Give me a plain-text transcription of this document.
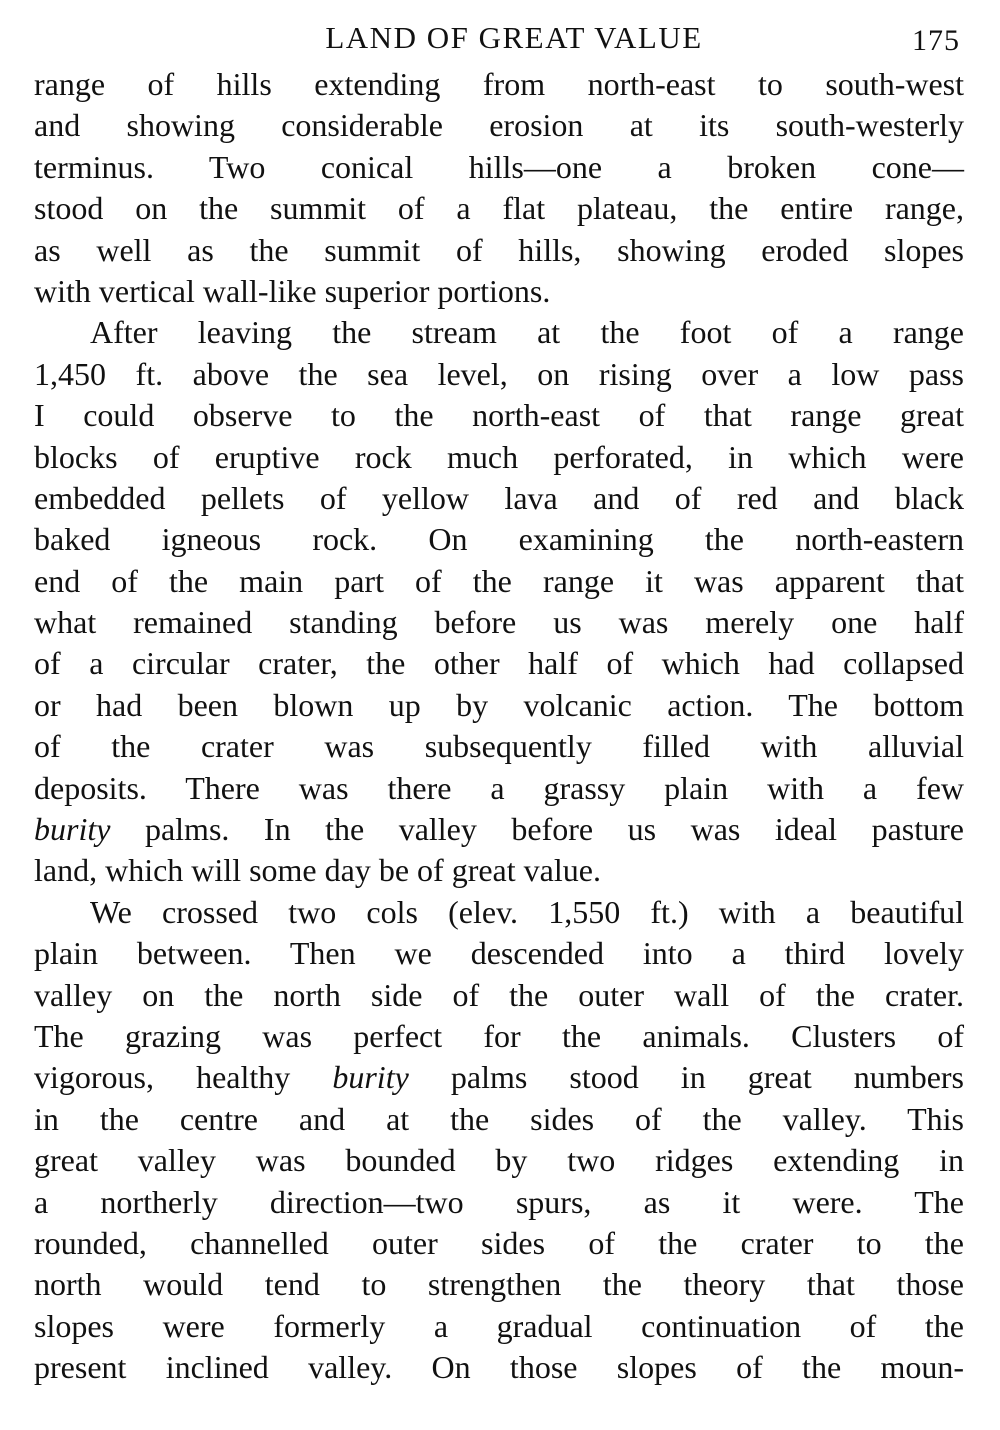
LAND OF GREAT VALUE	175
range of hills extending from north-east to south-west
and showing considerable erosion at its south-westerly
terminus. Two conical hills—one a broken cone—
stood on the summit of a flat plateau, the entire range,
as well as the summit of hills, showing eroded slopes
with vertical wall-like superior portions.
After leaving the stream at the foot of a range
1,450 ft. above the sea level, on rising over a low pass
I could observe to the north-east of that range great
blocks of eruptive rock much perforated, in which were
embedded pellets of yellow lava and of red and black
baked igneous rock. On examining the north-eastern
end of the main part of the range it was apparent that
what remained standing before us was merely one half
of a circular crater, the other half of which had collapsed
or had been blown up by volcanic action. The bottom
of the crater was subsequently filled with alluvial
deposits. There was there a grassy plain with a few
burity palms. In the valley before us was ideal pasture
land, which will some day be of great value.
We crossed two cols (elev. 1,550 ft.) with a beautiful
plain between. Then we descended into a third lovely
valley on the north side of the outer wall of the crater.
The grazing was perfect for the animals. Clusters of
vigorous, healthy burity palms stood in great numbers
in the centre and at the sides of the valley. This
great valley was bounded by two ridges extending in
a northerly direction—two spurs, as it were. The
rounded, channelled outer sides of the crater to the
north would tend to strengthen the theory that those
slopes were formerly a gradual continuation of the
present inclined valley. On those slopes of the moun-
